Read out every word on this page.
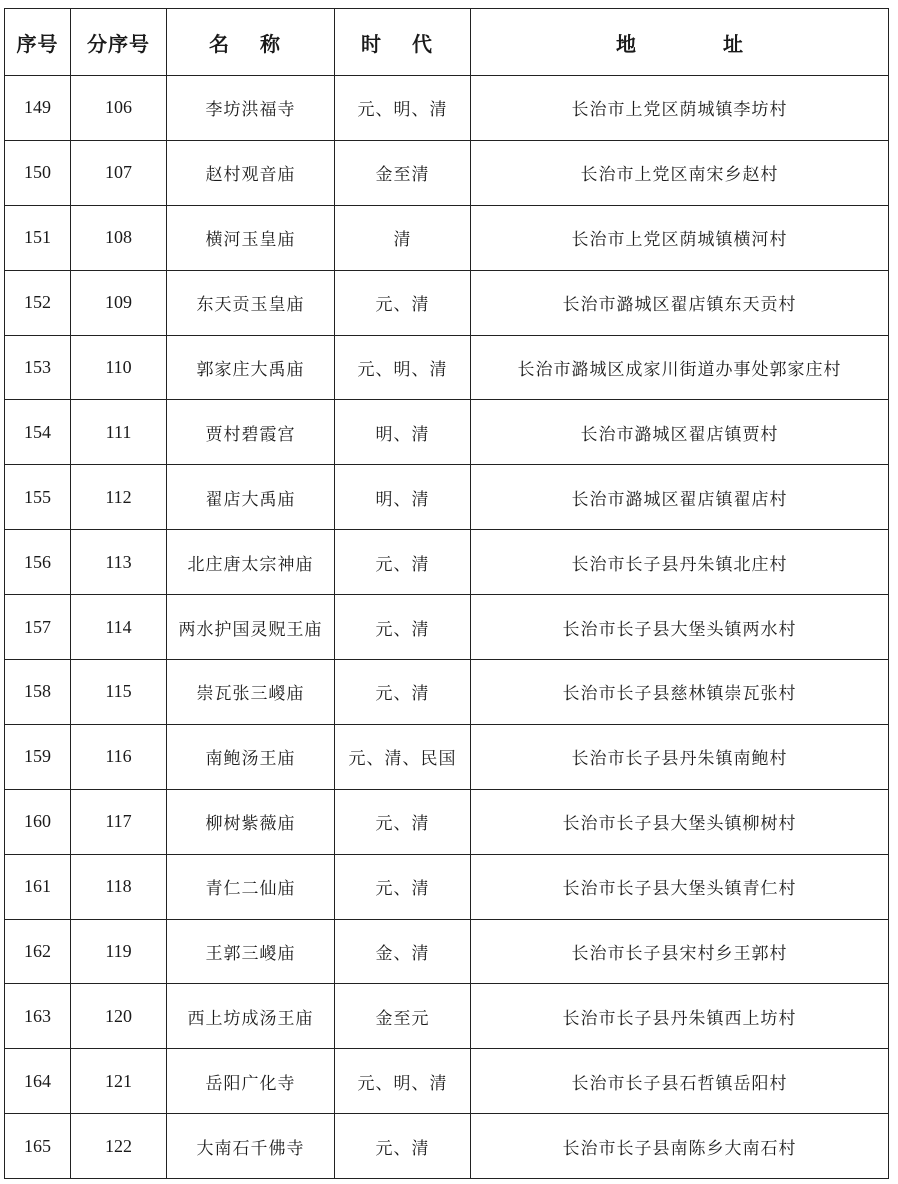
序号	分序号	名 称	时 代	地 址
149	106	李坊洪福寺	元、明、清	长治市上党区荫城镇李坊村
150	107	赵村观音庙	金至清	长治市上党区南宋乡赵村
151	108	横河玉皇庙	清	长治市上党区荫城镇横河村
152	109	东天贡玉皇庙	元、清	长治市潞城区翟店镇东天贡村
153	110	郭家庄大禹庙	元、明、清	长治市潞城区成家川街道办事处郭家庄村
154	111	贾村碧霞宫	明、清	长治市潞城区翟店镇贾村
155	112	翟店大禹庙	明、清	长治市潞城区翟店镇翟店村
156	113	北庄唐太宗神庙	元、清	长治市长子县丹朱镇北庄村
157	114	两水护国灵贶王庙	元、清	长治市长子县大堡头镇两水村
158	115	崇瓦张三嵕庙	元、清	长治市长子县慈林镇崇瓦张村
159	116	南鲍汤王庙	元、清、民国	长治市长子县丹朱镇南鲍村
160	117	柳树紫薇庙	元、清	长治市长子县大堡头镇柳树村
161	118	青仁二仙庙	元、清	长治市长子县大堡头镇青仁村
162	119	王郭三嵕庙	金、清	长治市长子县宋村乡王郭村
163	120	西上坊成汤王庙	金至元	长治市长子县丹朱镇西上坊村
164	121	岳阳广化寺	元、明、清	长治市长子县石哲镇岳阳村
165	122	大南石千佛寺	元、清	长治市长子县南陈乡大南石村
